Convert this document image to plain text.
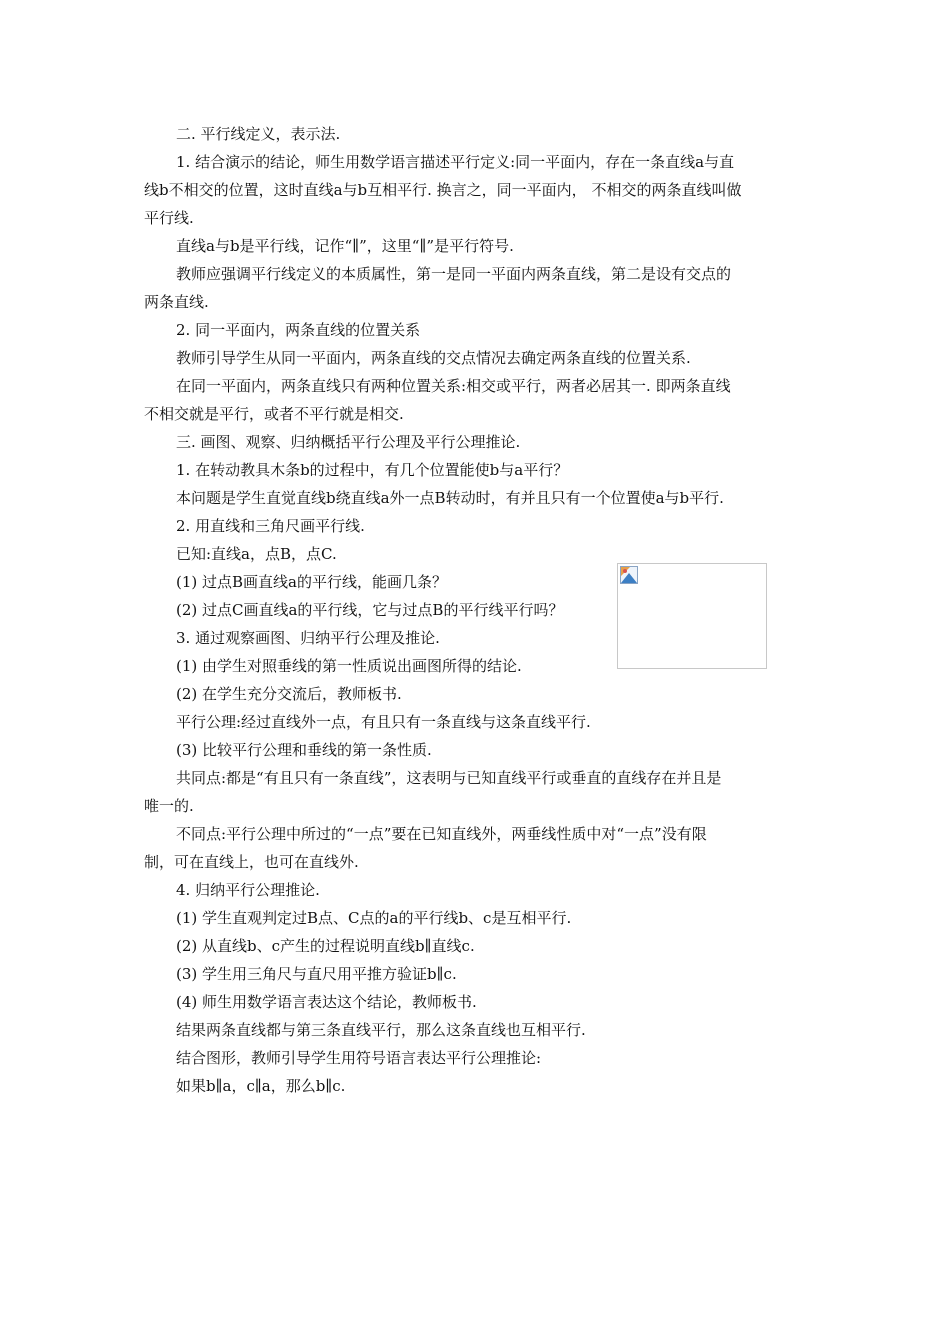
二. 平行线定义，表示法.
1. 结合演示的结论，师生用数学语言描述平行定义:同一平面内，存在一条直线a与直
线b不相交的位置，这时直线a与b互相平行. 换言之，同一平面内， 不相交的两条直线叫做
平行线.
直线a与b是平行线，记作“∥”，这里“∥”是平行符号.
教师应强调平行线定义的本质属性，第一是同一平面内两条直线，第二是设有交点的
两条直线.
2. 同一平面内，两条直线的位置关系
教师引导学生从同一平面内，两条直线的交点情况去确定两条直线的位置关系.
在同一平面内，两条直线只有两种位置关系:相交或平行，两者必居其一. 即两条直线
不相交就是平行，或者不平行就是相交.
三. 画图、观察、归纳概括平行公理及平行公理推论.
1. 在转动教具木条b的过程中，有几个位置能使b与a平行？
本问题是学生直觉直线b绕直线a外一点B转动时，有并且只有一个位置使a与b平行.
2. 用直线和三角尺画平行线.
已知:直线a，点B，点C.
(1) 过点B画直线a的平行线，能画几条？
(2) 过点C画直线a的平行线，它与过点B的平行线平行吗？
3. 通过观察画图、归纳平行公理及推论.
(1) 由学生对照垂线的第一性质说出画图所得的结论.
(2) 在学生充分交流后，教师板书.
平行公理:经过直线外一点，有且只有一条直线与这条直线平行.
(3) 比较平行公理和垂线的第一条性质.
共同点:都是“有且只有一条直线”，这表明与已知直线平行或垂直的直线存在并且是
唯一的.
不同点:平行公理中所过的“一点”要在已知直线外，两垂线性质中对“一点”没有限
制，可在直线上，也可在直线外.
4. 归纳平行公理推论.
(1) 学生直观判定过B点、C点的a的平行线b、c是互相平行.
(2) 从直线b、c产生的过程说明直线b∥直线c.
(3) 学生用三角尺与直尺用平推方验证b∥c.
(4) 师生用数学语言表达这个结论，教师板书.
结果两条直线都与第三条直线平行，那么这条直线也互相平行.
结合图形，教师引导学生用符号语言表达平行公理推论:
如果b∥a，c∥a，那么b∥c.
